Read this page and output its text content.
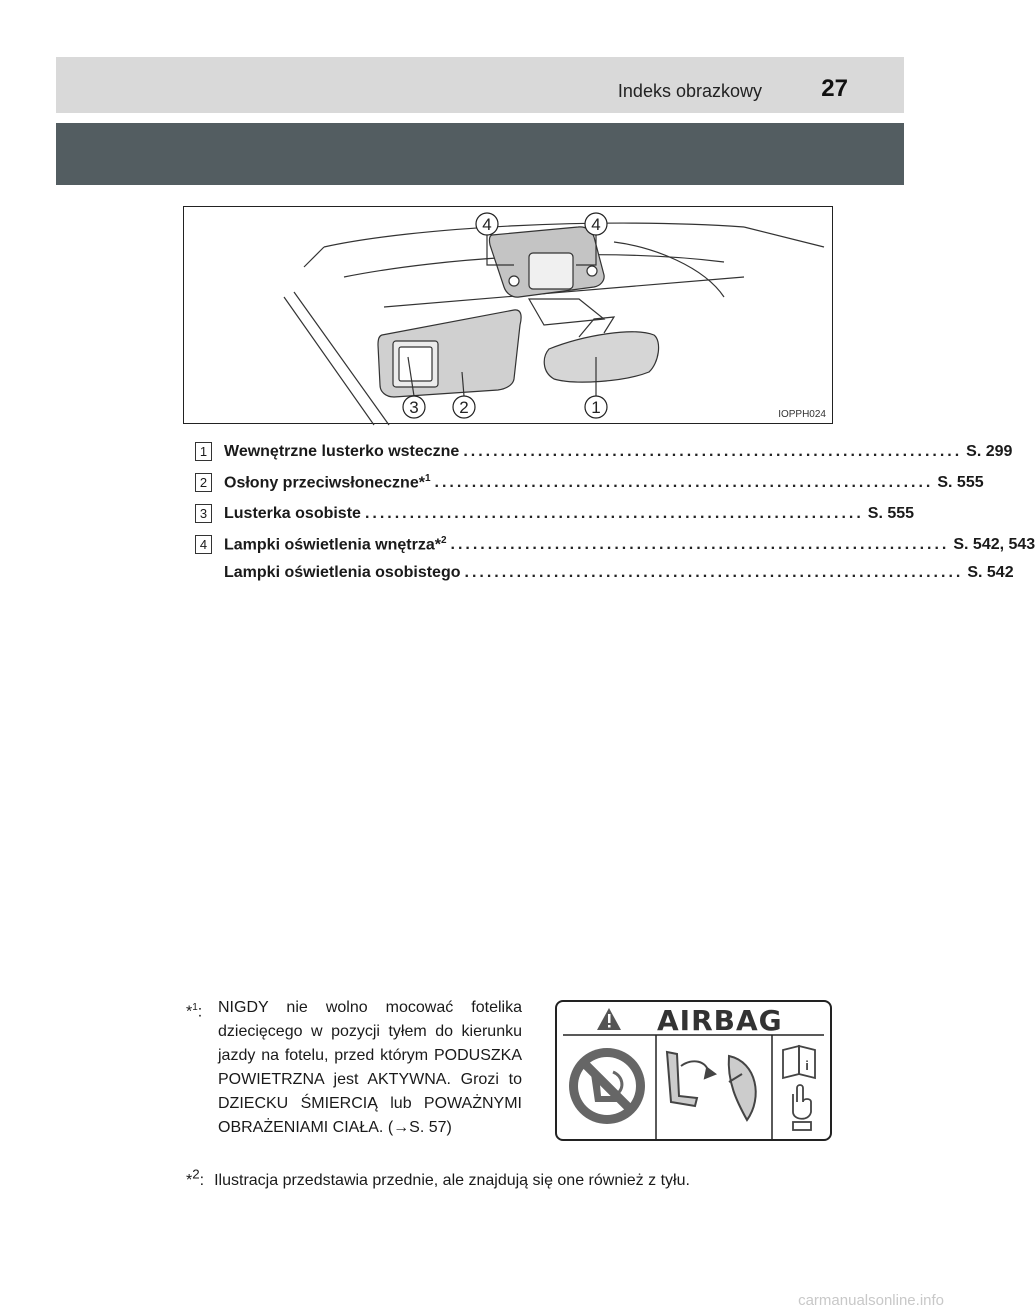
Indeks obrazkowy 27
4	4
3 2	1	IOPPH024
1	Wewnętrzne lusterko wsteczne ................................................................... S. 299
2	Osłony przeciwsłoneczne*$^1$ ................................................................... S. 555
3	Lusterka osobiste ................................................................... S. 555
4	Lampki oświetlenia wnętrza*$^2$ ................................................................... S. 542, 543
Lampki oświetlenia osobistego ................................................................... S. 542
*$^1$: NIGDY nie wolno mocować fotelika dziecięcego w pozycji tyłem do kierunku jazdy na fotelu, przed którym PODUSZKA POWIETRZNA jest AKTYWNA. Grozi to DZIECKU ŚMIERCIĄ lub POWAŻNYMI OBRAŻENIAMI CIAŁA. (→S. 57)
i
AIRBAG
*$^2$: Ilustracja przedstawia przednie, ale znajdują się one również z tyłu.
carmanualsonline.info
